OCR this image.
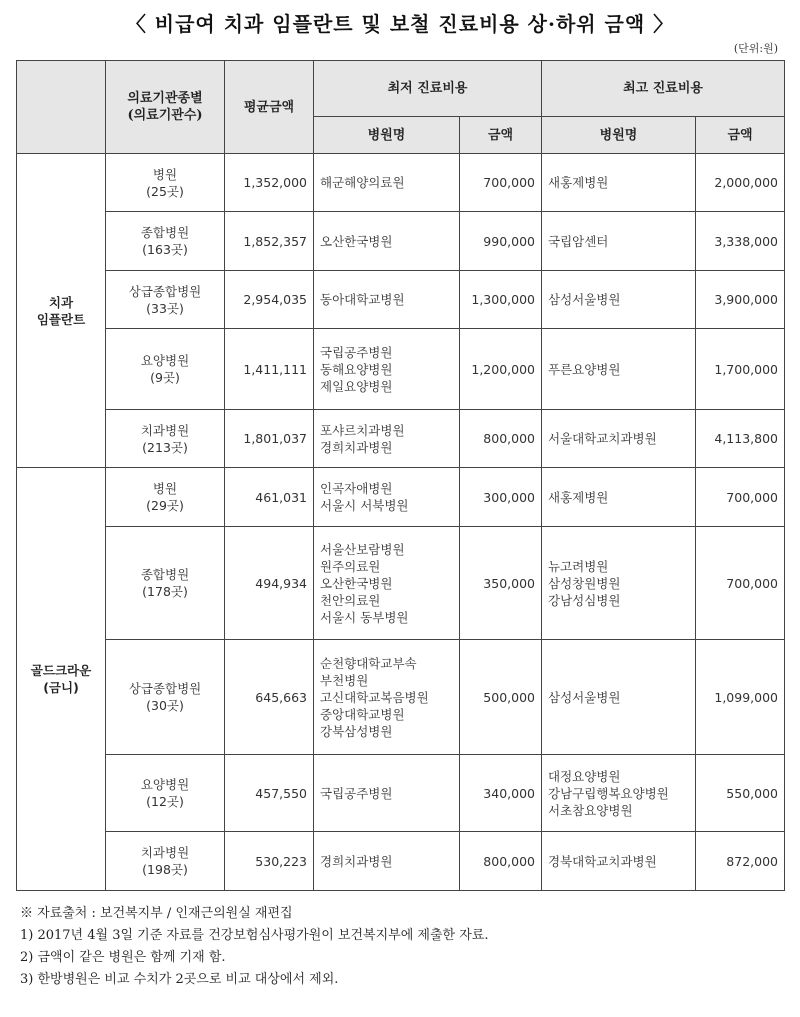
〈 비급여 치과 임플란트 및 보철 진료비용 상·하위 금액 〉
(단위:원)

	의료기관종별
(의료기관수)	평균금액	최저 진료비용		최고 진료비용	
			병원명	금액	병원명	금액

치과
임플란트	병원
(25곳)	1,352,000	해군해양의료원	700,000	새홍제병원	2,000,000

	종합병원
(163곳)	1,852,357	오산한국병원	990,000	국립암센터	3,338,000

	상급종합병원
(33곳)	2,954,035	동아대학교병원	1,300,000	삼성서울병원	3,900,000

	요양병원
(9곳)	1,411,111	국립공주병원
동해요양병원
제일요양병원	1,200,000	푸른요양병원	1,700,000

	치과병원
(213곳)	1,801,037	포샤르치과병원
경희치과병원	800,000	서울대학교치과병원	4,113,800

골드크라운
(금니)	병원
(29곳)	461,031	인곡자애병원
서울시 서북병원	300,000	새홍제병원	700,000

	종합병원
(178곳)	494,934	서울산보람병원
원주의료원
오산한국병원
천안의료원
서울시 동부병원	350,000	뉴고려병원
삼성창원병원
강남성심병원	700,000

	상급종합병원
(30곳)	645,663	순천향대학교부속
부천병원
고신대학교복음병원
중앙대학교병원
강북삼성병원	500,000	삼성서울병원	1,099,000

	요양병원
(12곳)	457,550	국립공주병원	340,000	대정요양병원
강남구립행복요양병원
서초참요양병원	550,000

	치과병원
(198곳)	530,223	경희치과병원	800,000	경북대학교치과병원	872,000
※ 자료출처 : 보건복지부 / 인재근의원실 재편집
1) 2017년 4월 3일 기준 자료를 건강보험심사평가원이 보건복지부에 제출한 자료.
2) 금액이 같은 병원은 함께 기재 함.
3) 한방병원은 비교 수치가 2곳으로 비교 대상에서 제외.
